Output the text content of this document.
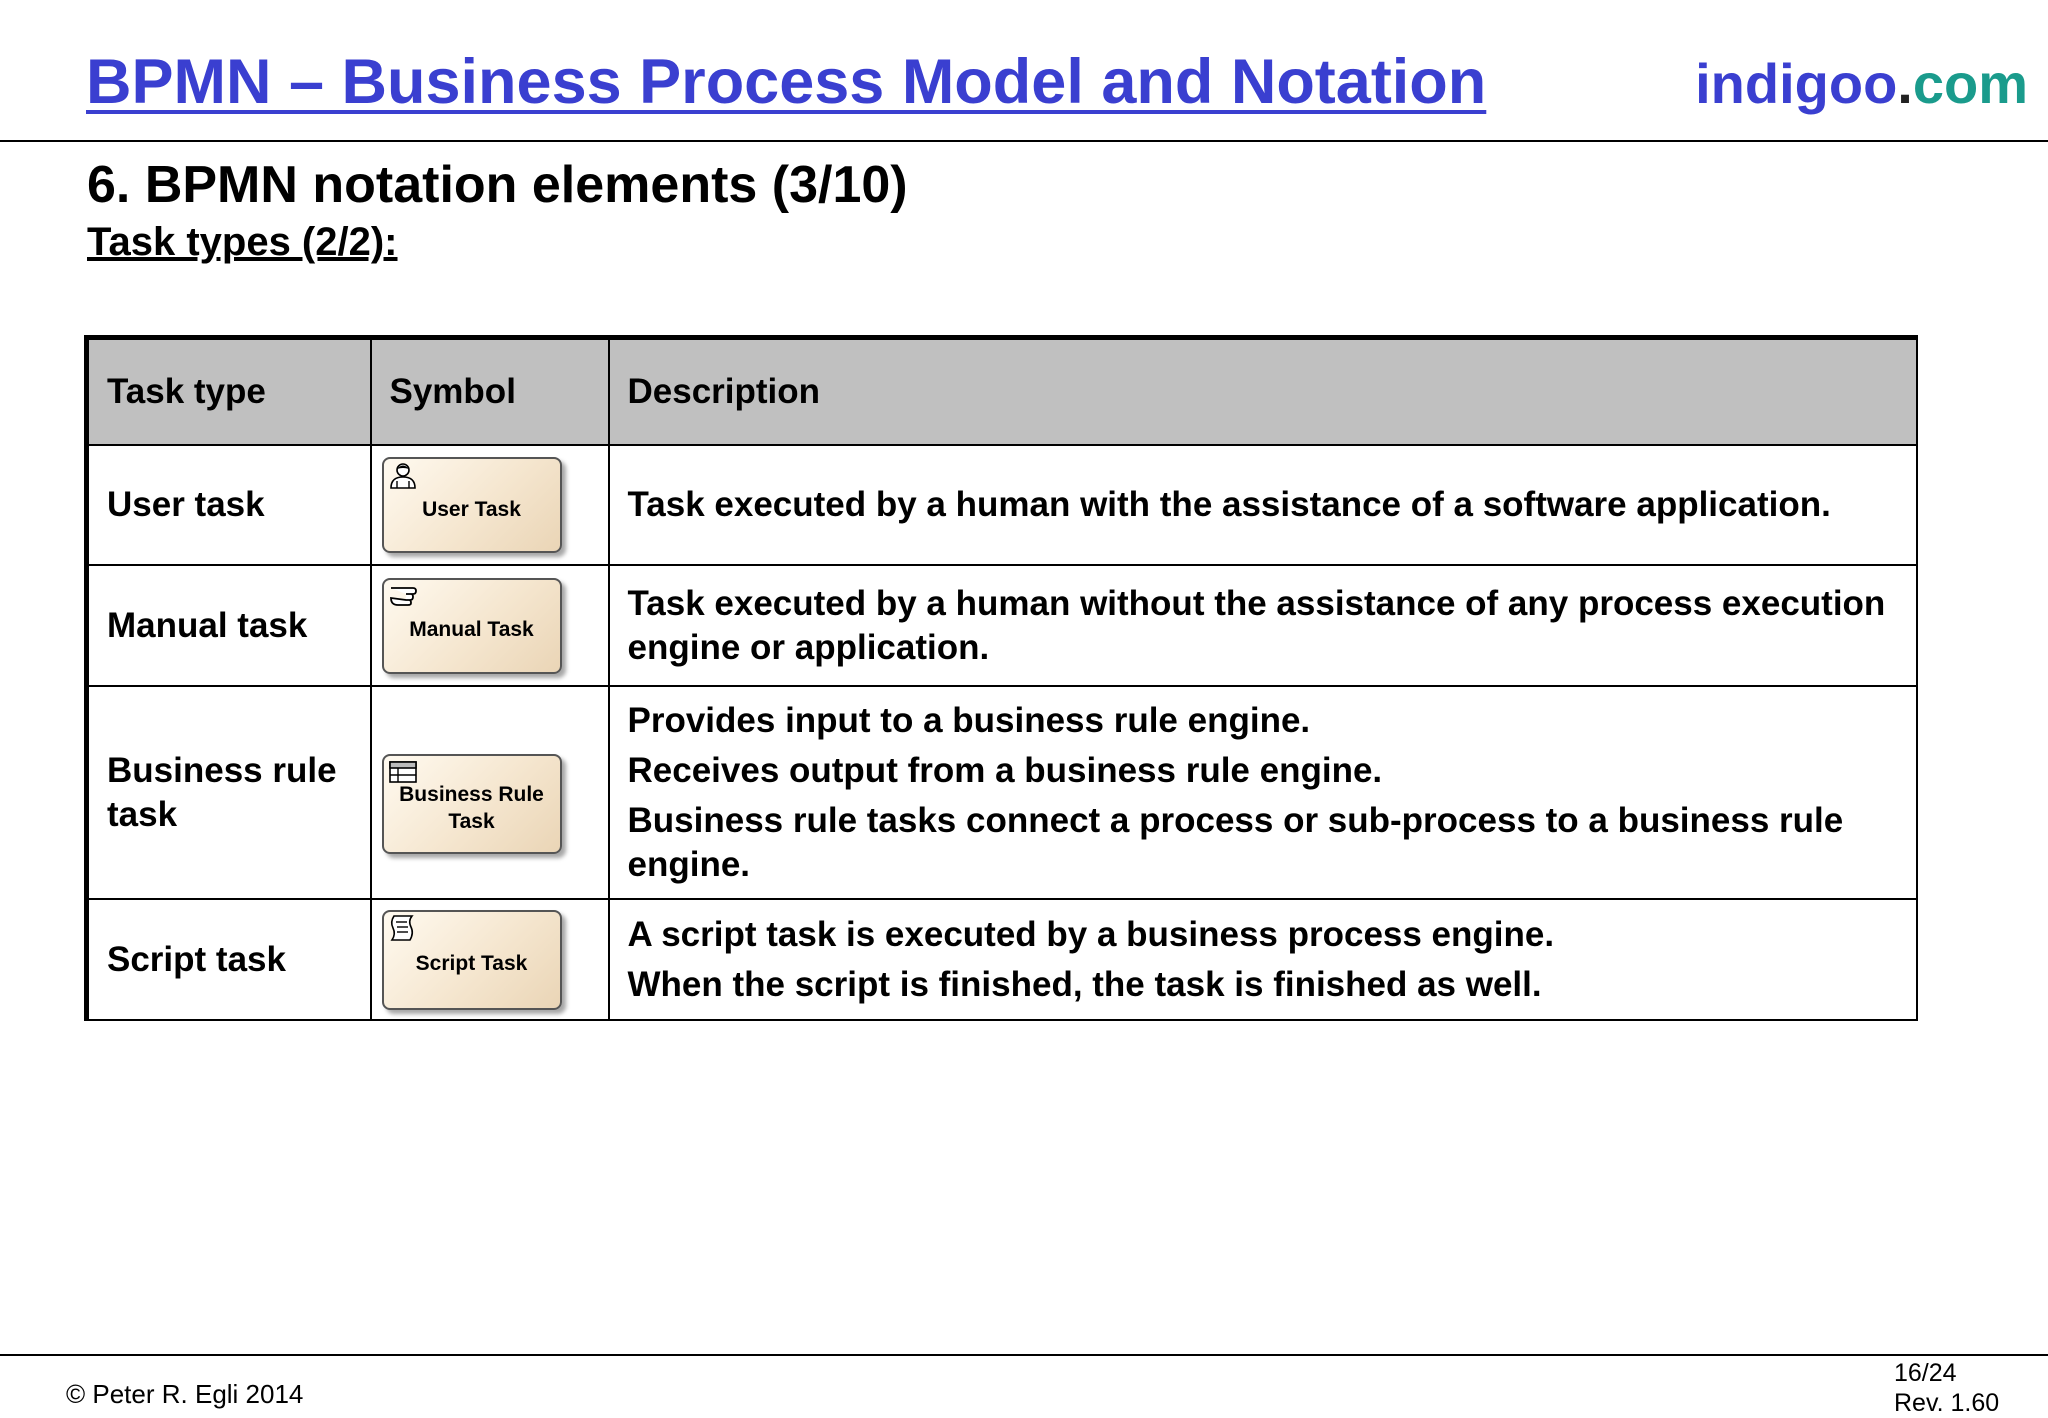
BPMN – Business Process Model and Notation	indigoo.com
6. BPMN notation elements (3/10)
Task types (2/2):
Task type	Symbol	Description
User task	User Task	Task executed by a human with the assistance of a software application.

Manual task	Manual Task	Task executed by a human without the assistance of any process execution engine or application.

Business rule task	Business Rule Task	Provides input to a business rule engine.

Receives output from a business rule engine.

Business rule tasks connect a process or sub-process to a business rule engine.

Script task	Script Task	A script task is executed by a business process engine.

When the script is finished, the task is finished as well.

© Peter R. Egli 2014

16/24

Rev. 1.60
